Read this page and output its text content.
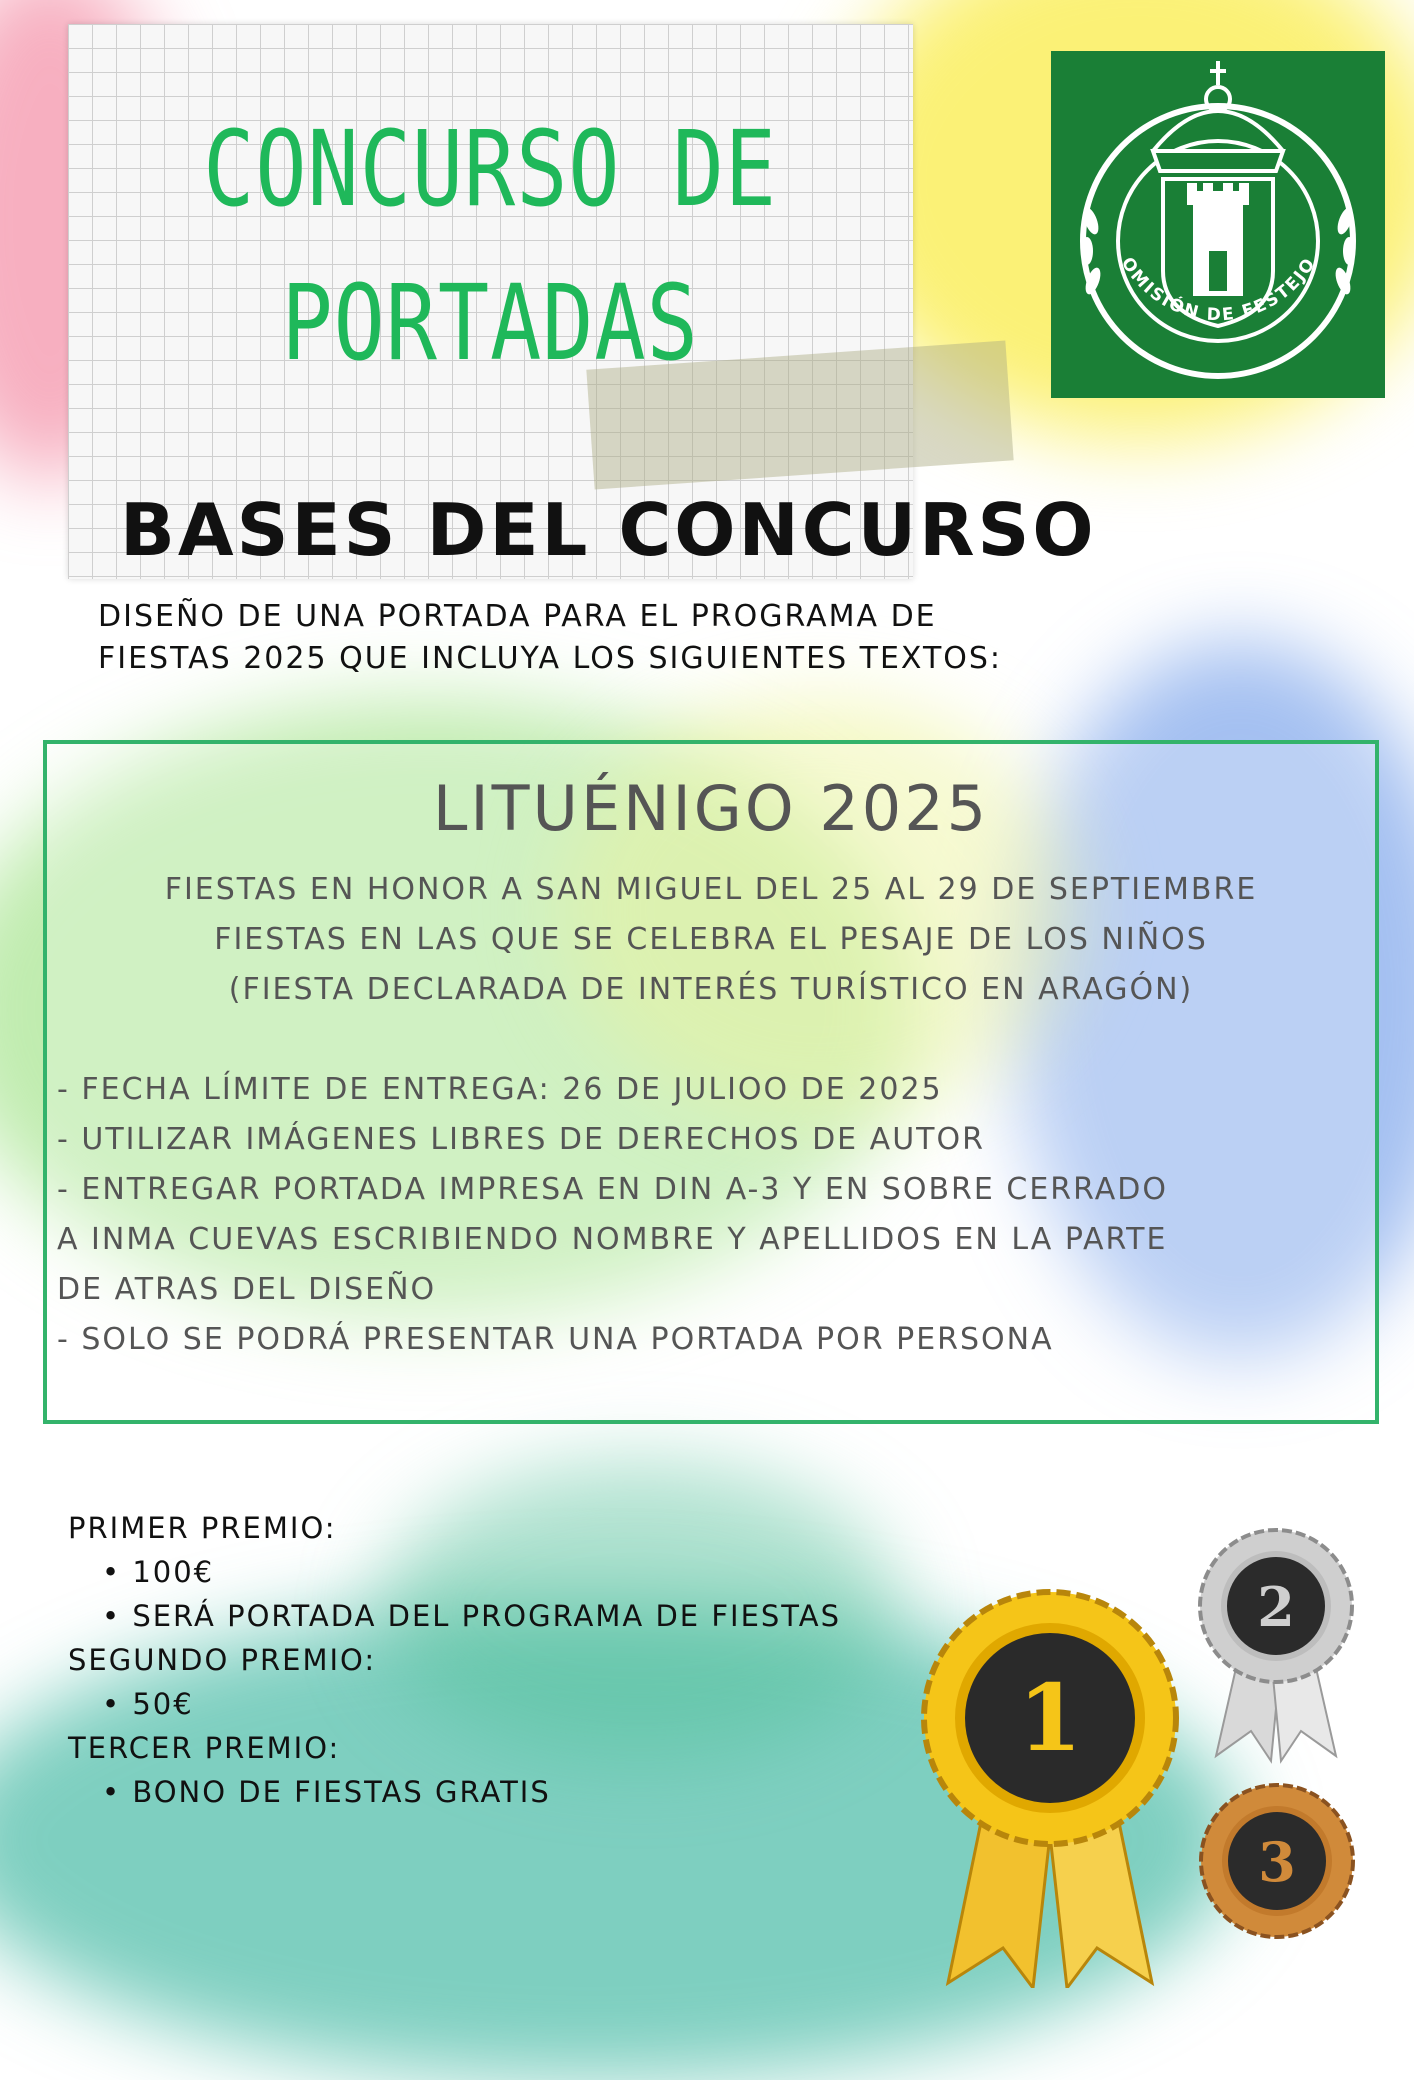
CONCURSO DE
PORTADAS	OMISIÓN DE FESTEJO
BASES DEL CONCURSO
DISEÑO DE UNA PORTADA PARA EL PROGRAMA DE
FIESTAS 2025 QUE INCLUYA LOS SIGUIENTES TEXTOS:
LITUÉNIGO 2025
FIESTAS EN HONOR A SAN MIGUEL DEL 25 AL 29 DE SEPTIEMBRE
FIESTAS EN LAS QUE SE CELEBRA EL PESAJE DE LOS NIÑOS
(FIESTA DECLARADA DE INTERÉS TURÍSTICO EN ARAGÓN)
- FECHA LÍMITE DE ENTREGA: 26 DE JULIOO DE 2025
- UTILIZAR IMÁGENES LIBRES DE DERECHOS DE AUTOR
- ENTREGAR PORTADA IMPRESA EN DIN A-3 Y EN SOBRE CERRADO
A INMA CUEVAS ESCRIBIENDO NOMBRE Y APELLIDOS EN LA PARTE
DE ATRAS DEL DISEÑO
- SOLO SE PODRÁ PRESENTAR UNA PORTADA POR PERSONA
PRIMER PREMIO:
• 100€
• SERÁ PORTADA DEL PROGRAMA DE FIESTAS
SEGUNDO PREMIO:
• 50€
TERCER PREMIO:
• BONO DE FIESTAS GRATIS
2
1
3
